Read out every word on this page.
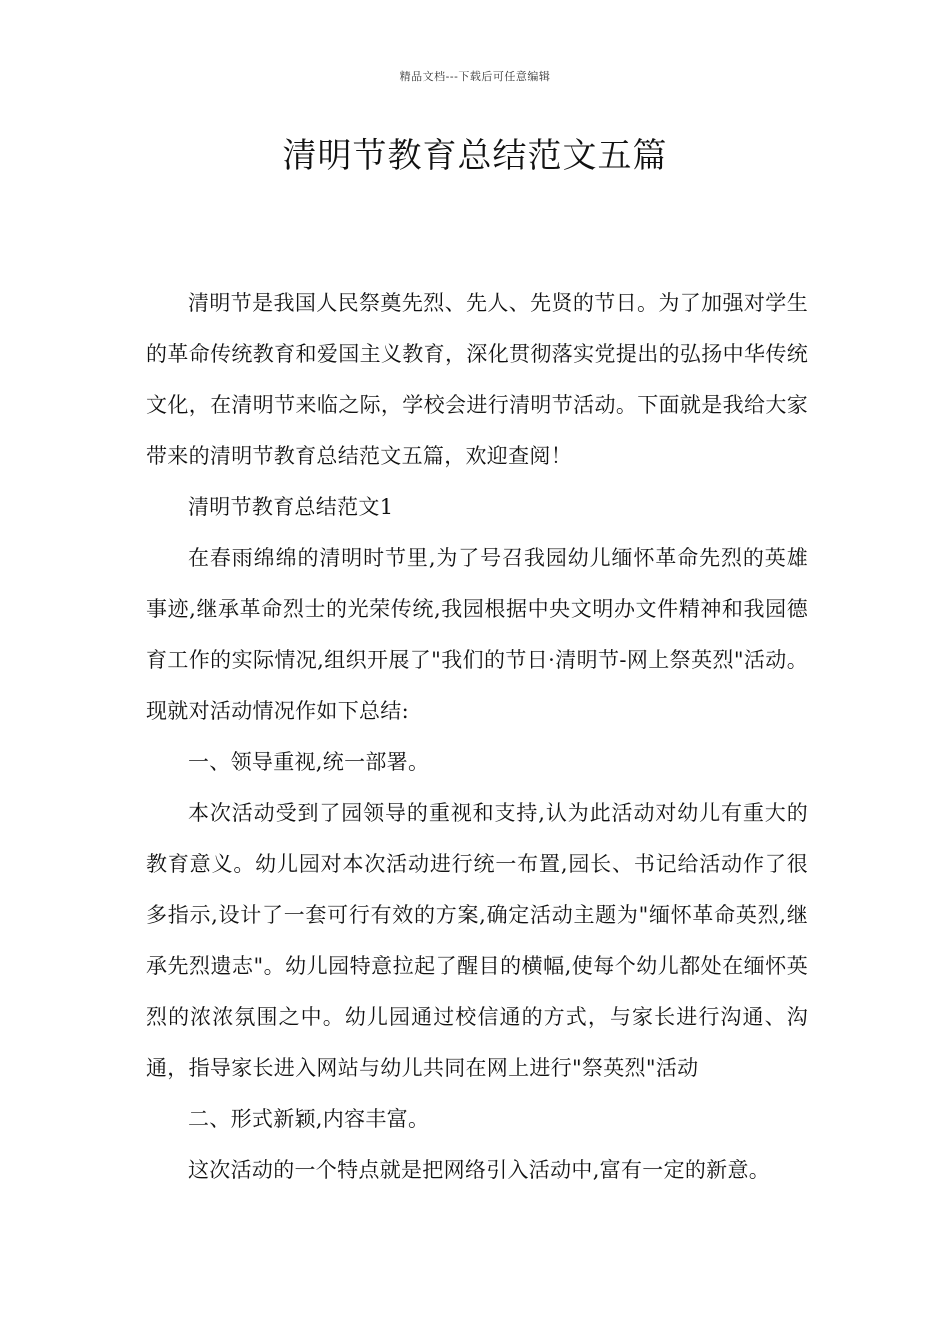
精品文档---下载后可任意编辑
清明节教育总结范文五篇

清明节是我国人民祭奠先烈、先人、先贤的节日。为了加强对学生的革命传统教育和爱国主义教育，深化贯彻落实党提出的弘扬中华传统文化，在清明节来临之际，学校会进行清明节活动。下面就是我给大家带来的清明节教育总结范文五篇，欢迎查阅！

清明节教育总结范文1

在春雨绵绵的清明时节里,为了号召我园幼儿缅怀革命先烈的英雄事迹,继承革命烈士的光荣传统,我园根据中央文明办文件精神和我园德育工作的实际情况,组织开展了"我们的节日·清明节-网上祭英烈"活动。现就对活动情况作如下总结:

一、领导重视,统一部署。

本次活动受到了园领导的重视和支持,认为此活动对幼儿有重大的教育意义。幼儿园对本次活动进行统一布置,园长、书记给活动作了很多指示,设计了一套可行有效的方案,确定活动主题为"缅怀革命英烈,继承先烈遗志"。幼儿园特意拉起了醒目的横幅,使每个幼儿都处在缅怀英烈的浓浓氛围之中。幼儿园通过校信通的方式，与家长进行沟通、沟通，指导家长进入网站与幼儿共同在网上进行"祭英烈"活动

二、形式新颖,内容丰富。

这次活动的一个特点就是把网络引入活动中,富有一定的新意。
